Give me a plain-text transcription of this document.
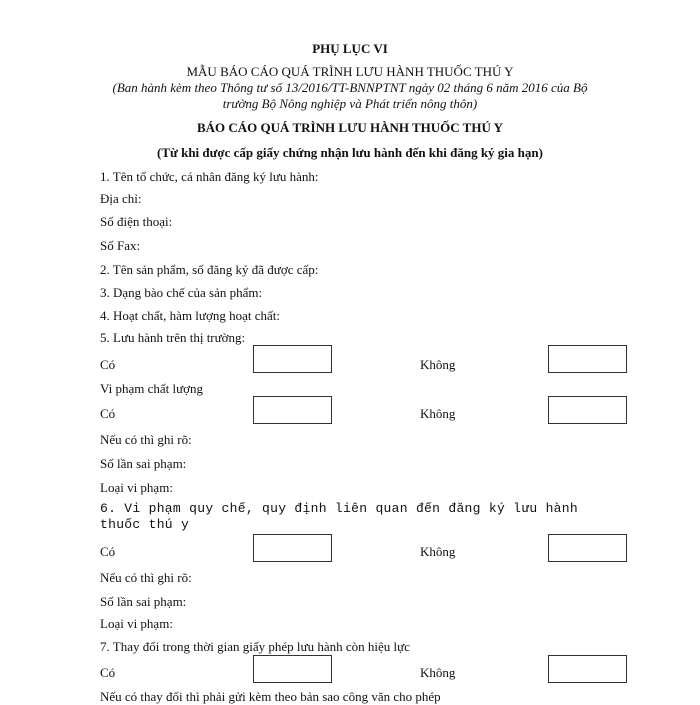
PHỤ LỤC VI
MẪU BÁO CÁO QUÁ TRÌNH LƯU HÀNH THUỐC THÚ Y
(Ban hành kèm theo Thông tư số 13/2016/TT-BNNPTNT ngày 02 tháng 6 năm 2016 của Bộ
trưởng Bộ Nông nghiệp và Phát triển nông thôn)
BÁO CÁO QUÁ TRÌNH LƯU HÀNH THUỐC THÚ Y
(Từ khi được cấp giấy chứng nhận lưu hành đến khi đăng ký gia hạn)
1. Tên tổ chức, cá nhân đăng ký lưu hành:
Địa chỉ:
Số điện thoại:
Số Fax:
2. Tên sản phẩm, số đăng ký đã được cấp:
3. Dạng bào chế của sản phẩm:
4. Hoạt chất, hàm lượng hoạt chất:
5. Lưu hành trên thị trường:
Có	Không
Vi phạm chất lượng
Có	Không
Nếu có thì ghi rõ:
Số lần sai phạm:
Loại vi phạm:
6. Vi phạm quy chế, quy định liên quan đến đăng ký lưu hành
thuốc thú y
Có	Không
Nếu có thì ghi rõ:
Số lần sai phạm:
Loại vi phạm:
7. Thay đổi trong thời gian giấy phép lưu hành còn hiệu lực
Có	Không
Nếu có thay đổi thì phải gửi kèm theo bản sao công văn cho phép
